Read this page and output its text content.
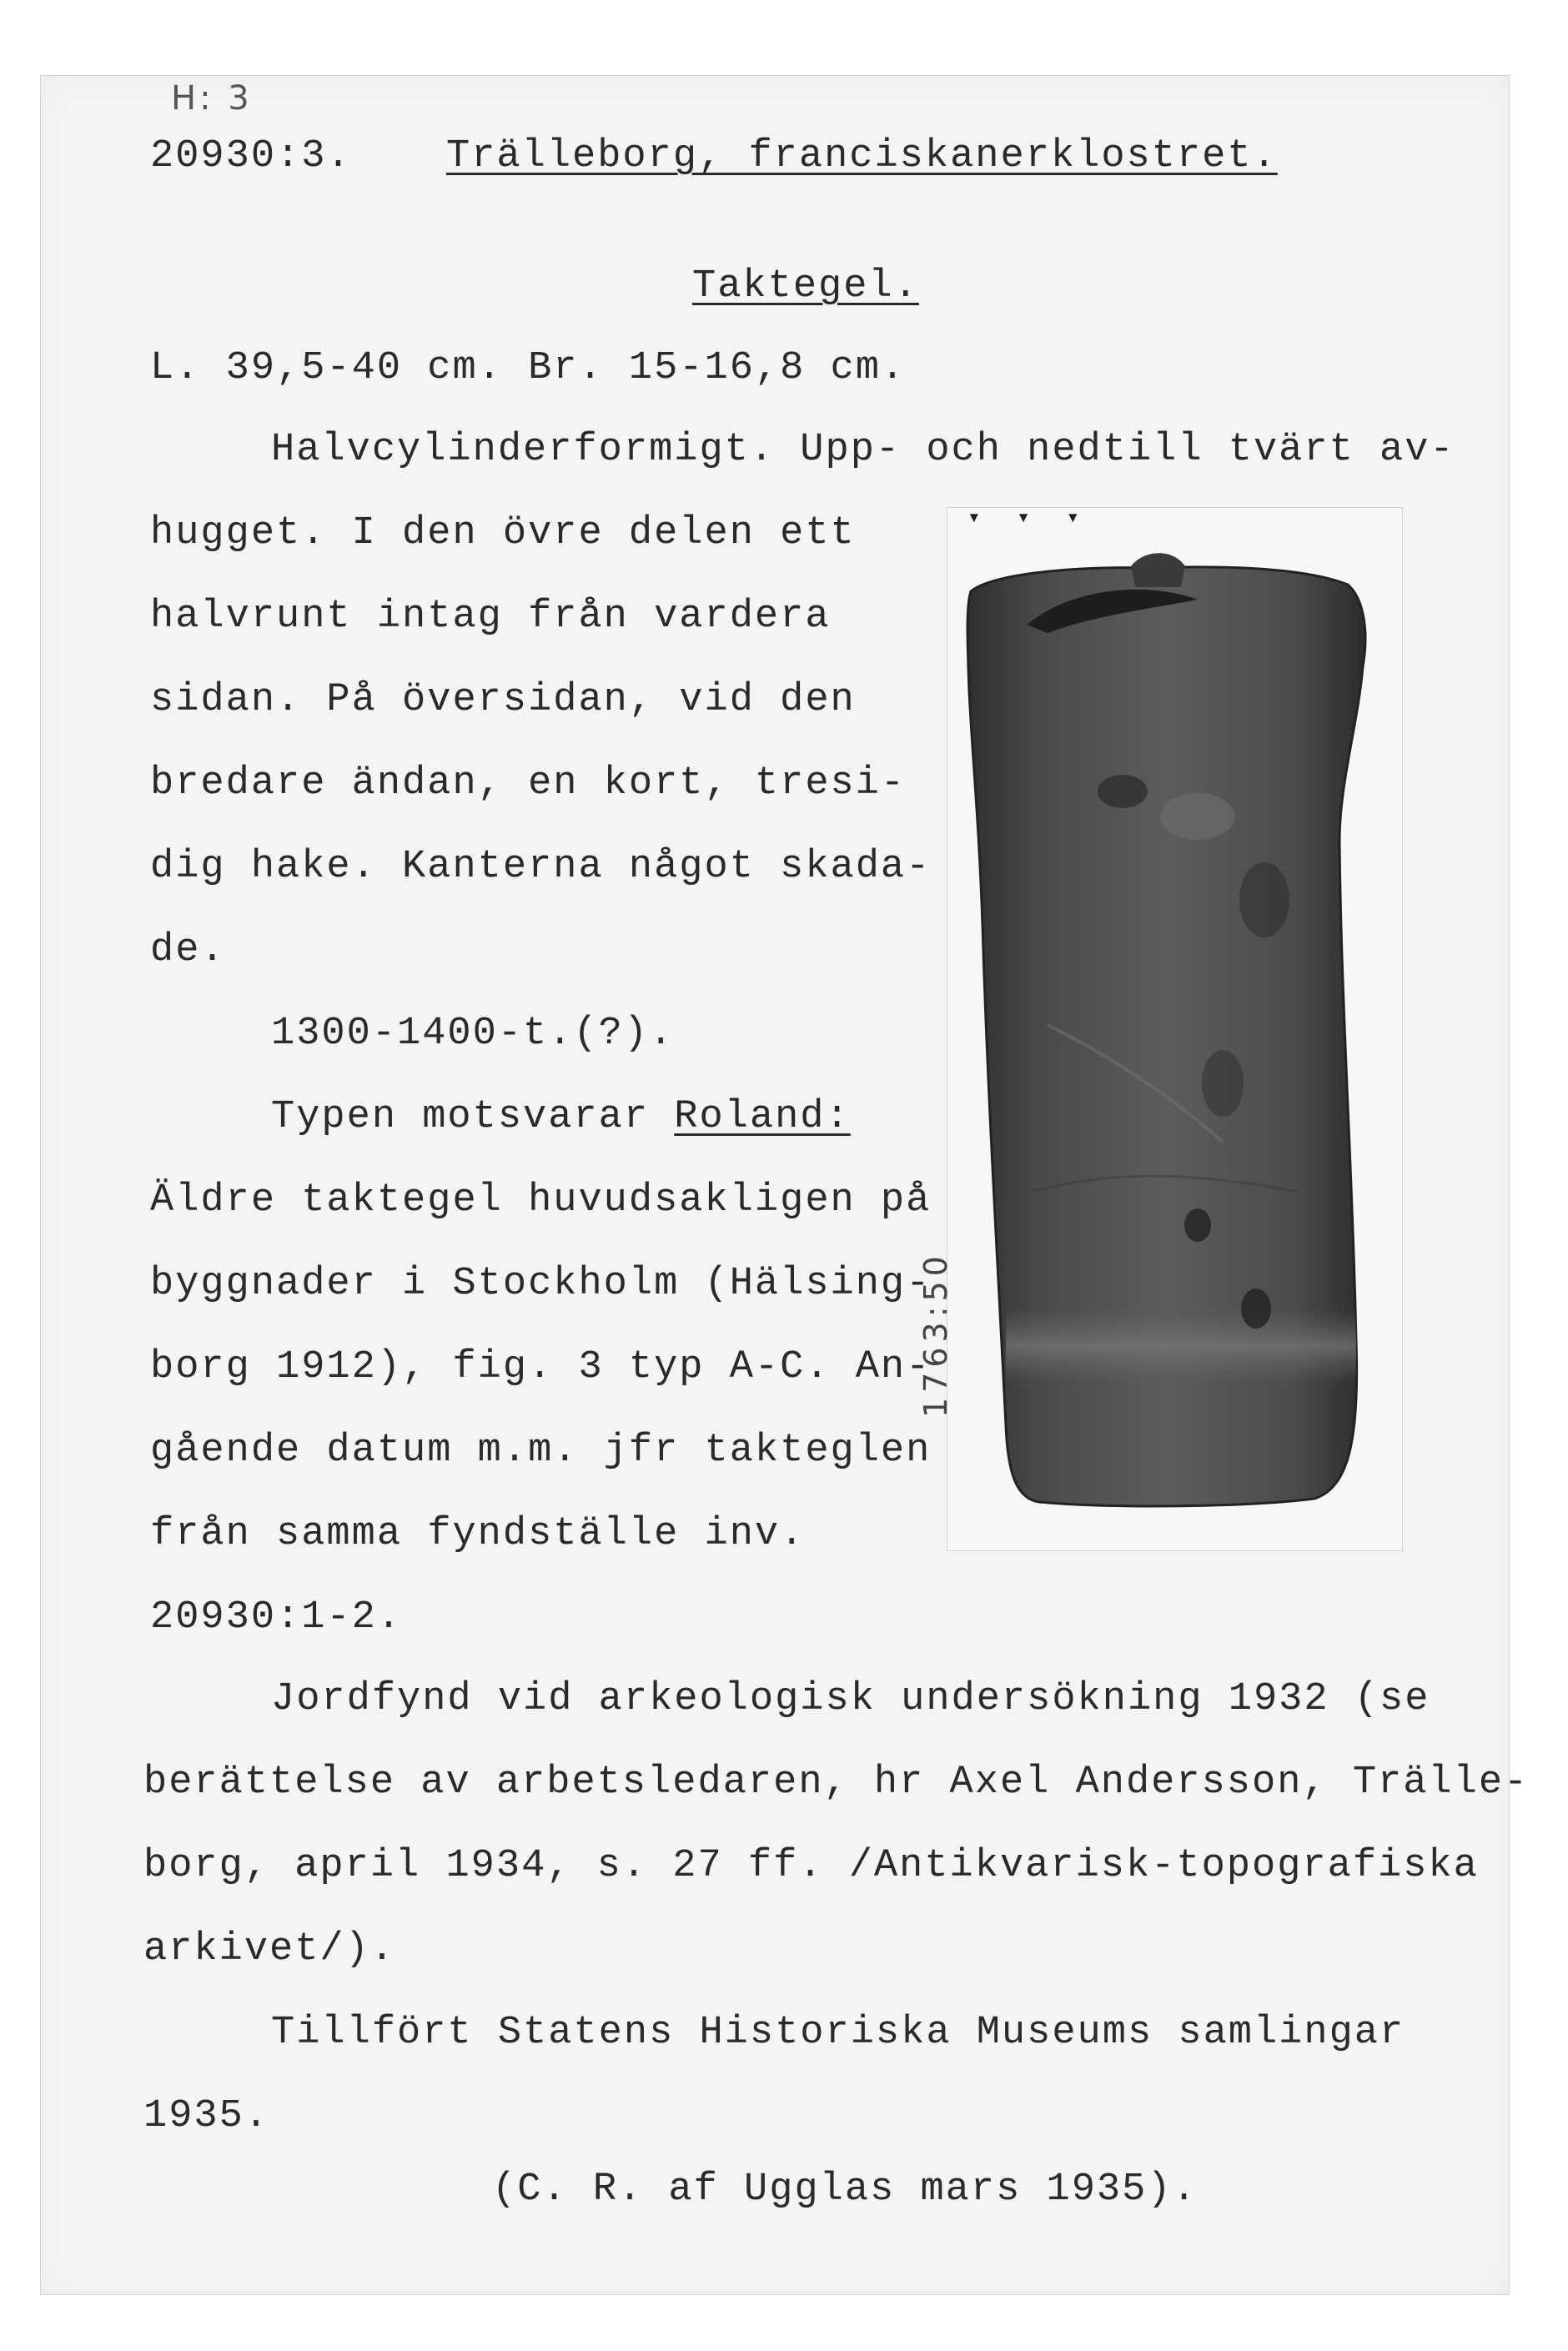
H: 3
20930:3. Trälleborg, franciskanerklostret.
Taktegel.
L. 39,5-40 cm. Br. 15-16,8 cm.
Halvcylinderformigt. Upp- och nedtill tvärt av-
hugget. I den övre delen ett
halvrunt intag från vardera
sidan. På översidan, vid den
bredare ändan, en kort, tresi-
dig hake. Kanterna något skada-
de.
1300-1400-t.(?).
Typen motsvarar Roland:
Äldre taktegel huvudsakligen på
byggnader i Stockholm (Hälsing-
borg 1912), fig. 3 typ A-C. An-
gående datum m.m. jfr takteglen
från samma fyndställe inv.
20930:1-2.
Jordfynd vid arkeologisk undersökning 1932 (se
berättelse av arbetsledaren, hr Axel Andersson, Trälle-
borg, april 1934, s. 27 ff. /Antikvarisk-topografiska
arkivet/).
Tillfört Statens Historiska Museums samlingar
1935.
(C. R. af Ugglas mars 1935).
▾ ▾ ▾
1763:50
